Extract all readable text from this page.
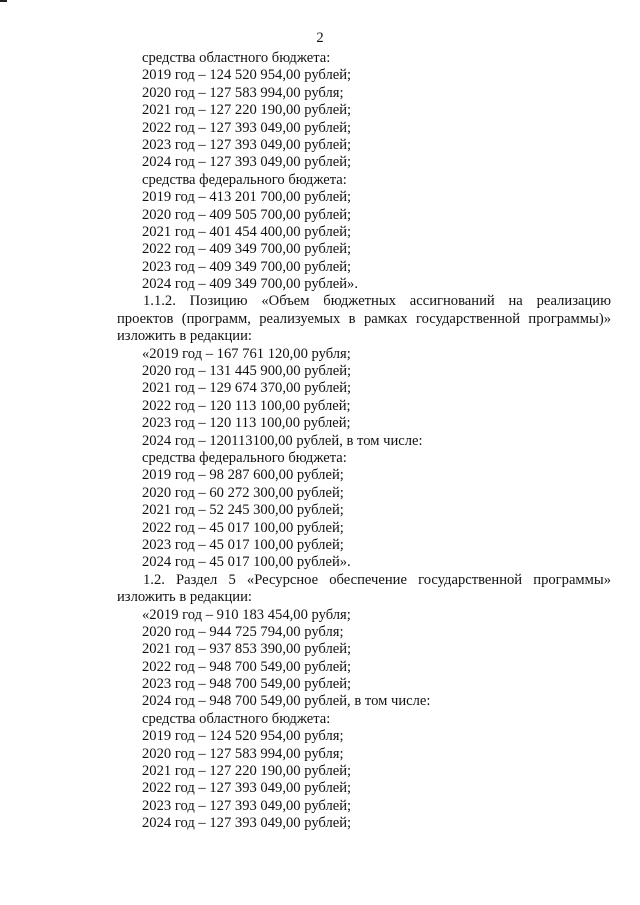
2
средства областного бюджета:
2019 год – 124 520 954,00 рублей;
2020 год – 127 583 994,00 рубля;
2021 год – 127 220 190,00 рублей;
2022 год – 127 393 049,00 рублей;
2023 год – 127 393 049,00 рублей;
2024 год – 127 393 049,00 рублей;
средства федерального бюджета:
2019 год – 413 201 700,00 рублей;
2020 год – 409 505 700,00 рублей;
2021 год – 401 454 400,00 рублей;
2022 год – 409 349 700,00 рублей;
2023 год – 409 349 700,00 рублей;
2024 год – 409 349 700,00 рублей».
1.1.2. Позицию «Объем бюджетных ассигнований на реализацию
проектов (программ, реализуемых в рамках государственной программы)»
изложить в редакции:
«2019 год – 167 761 120,00 рубля;
2020 год – 131 445 900,00 рублей;
2021 год – 129 674 370,00 рублей;
2022 год – 120 113 100,00 рублей;
2023 год – 120 113 100,00 рублей;
2024 год – 120113100,00 рублей, в том числе:
средства федерального бюджета:
2019 год – 98 287 600,00 рублей;
2020 год – 60 272 300,00 рублей;
2021 год – 52 245 300,00 рублей;
2022 год – 45 017 100,00 рублей;
2023 год – 45 017 100,00 рублей;
2024 год – 45 017 100,00 рублей».
1.2. Раздел 5 «Ресурсное обеспечение государственной программы»
изложить в редакции:
«2019 год – 910 183 454,00 рубля;
2020 год – 944 725 794,00 рубля;
2021 год – 937 853 390,00 рублей;
2022 год – 948 700 549,00 рублей;
2023 год – 948 700 549,00 рублей;
2024 год – 948 700 549,00 рублей, в том числе:
средства областного бюджета:
2019 год – 124 520 954,00 рубля;
2020 год – 127 583 994,00 рубля;
2021 год – 127 220 190,00 рублей;
2022 год – 127 393 049,00 рублей;
2023 год – 127 393 049,00 рублей;
2024 год – 127 393 049,00 рублей;
